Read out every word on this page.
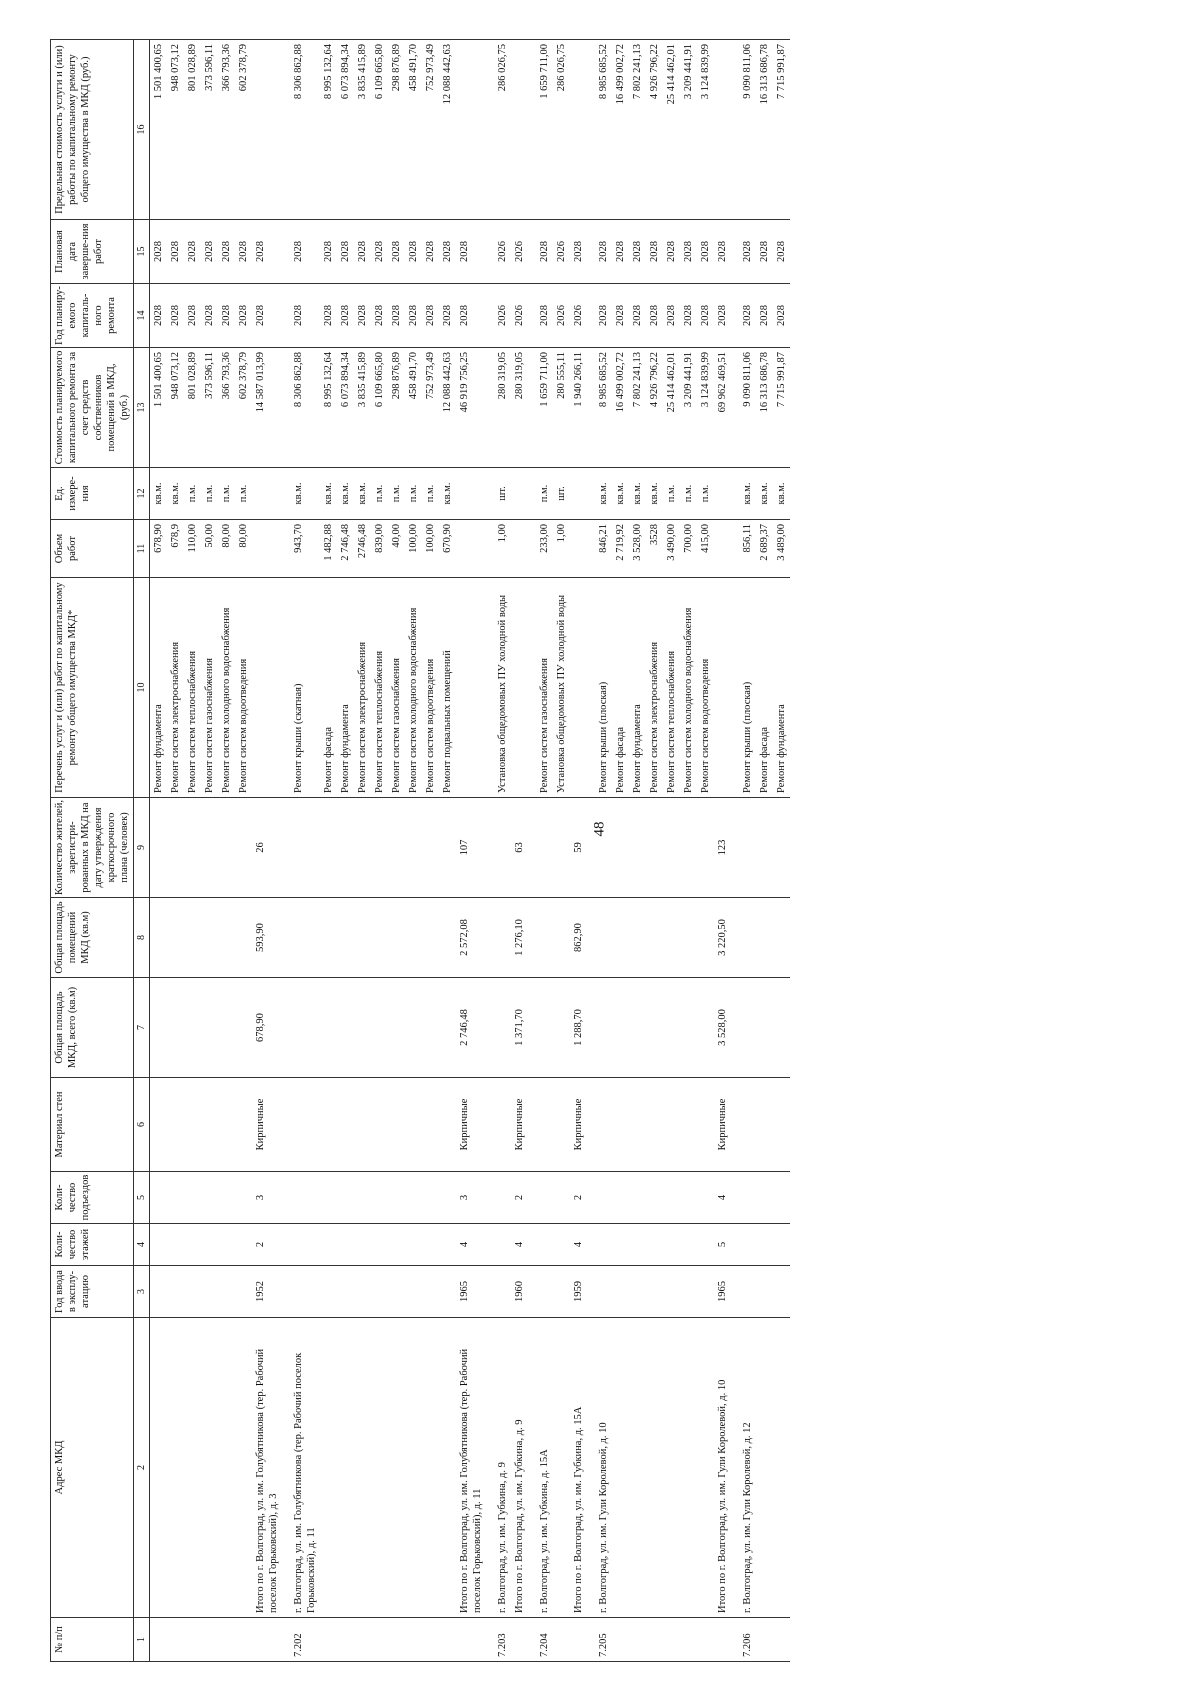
48
№ п/п	Адрес МКД	Год ввода в эксплу-атацию	Коли-чество этажей	Коли-чество подъездов	Материал стен	Общая площадь МКД, всего (кв.м)	Общая площадь помещений МКД (кв.м)	Количество жителей, зарегистри-рованных в МКД на дату утверждения краткосрочного плана (человек)	Перечень услуг и (или) работ по капитальному ремонту общего имущества МКД*	Объем работ	Ед. измере-ния	Стоимость планируемого капитального ремонта за счет средств собственников помещений в МКД, (руб.)	Год планиру-емого капиталь-ного ремонта	Плановая дата заверше-ния работ	Предельная стоимость услуги и (или) работы по капитальному ремонту общего имущества в МКД (руб.)
1	2	3	4	5	6	7	8	9	10	11	12	13	14	15	16
									Ремонт фундамента	678,90	кв.м.	1 501 400,65	2028	2028	1 501 400,65
									Ремонт систем электроснабжения	678,9	кв.м.	948 073,12	2028	2028	948 073,12
									Ремонт систем теплоснабжения	110,00	п.м.	801 028,89	2028	2028	801 028,89
									Ремонт систем газоснабжения	50,00	п.м.	373 596,11	2028	2028	373 596,11
									Ремонт систем холодного водоснабжения	80,00	п.м.	366 793,36	2028	2028	366 793,36
									Ремонт систем водоотведения	80,00	п.м.	602 378,79	2028	2028	602 378,79
	Итого по г. Волгоград, ул. им. Голубятникова (тер. Рабочий поселок Горьковский), д. 3	1952	2	3	Кирпичные	678,90	593,90	26				14 587 013,99	2028	2028	
7.202	г. Волгоград, ул. им. Голубятникова (тер. Рабочий поселок Горьковский), д. 11								Ремонт крыши (скатная)	943,70	кв.м.	8 306 862,88	2028	2028	8 306 862,88
									Ремонт фасада	1 482,88	кв.м.	8 995 132,64	2028	2028	8 995 132,64
									Ремонт фундамента	2 746,48	кв.м.	6 073 894,34	2028	2028	6 073 894,34
									Ремонт систем электроснабжения	2746,48	кв.м.	3 835 415,89	2028	2028	3 835 415,89
									Ремонт систем теплоснабжения	839,00	п.м.	6 109 665,80	2028	2028	6 109 665,80
									Ремонт систем газоснабжения	40,00	п.м.	298 876,89	2028	2028	298 876,89
									Ремонт систем холодного водоснабжения	100,00	п.м.	458 491,70	2028	2028	458 491,70
									Ремонт систем водоотведения	100,00	п.м.	752 973,49	2028	2028	752 973,49
									Ремонт подвальных помещений	670,90	кв.м.	12 088 442,63	2028	2028	12 088 442,63
	Итого по г. Волгоград, ул. им. Голубятникова (тер. Рабочий поселок Горьковский), д. 11	1965	4	3	Кирпичные	2 746,48	2 572,08	107				46 919 756,25	2028	2028	
7.203	г. Волгоград, ул. им. Губкина, д. 9								Установка общедомовых ПУ холодной воды	1,00	шт.	280 319,05	2026	2026	286 026,75
	Итого по г. Волгоград, ул. им. Губкина, д. 9	1960	4	2	Кирпичные	1 371,70	1 276,10	63				280 319,05	2026	2026	
7.204	г. Волгоград, ул. им. Губкина, д. 15А								Ремонт систем газоснабжения	233,00	п.м.	1 659 711,00	2028	2028	1 659 711,00
									Установка общедомовых ПУ холодной воды	1,00	шт.	280 555,11	2026	2026	286 026,75
	Итого по г. Волгоград, ул. им. Губкина, д. 15А	1959	4	2	Кирпичные	1 288,70	862,90	59				1 940 266,11	2026	2028	
7.205	г. Волгоград, ул. им. Гули Королевой, д. 10								Ремонт крыши (плоская)	846,21	кв.м.	8 985 685,52	2028	2028	8 985 685,52
									Ремонт фасада	2 719,92	кв.м.	16 499 002,72	2028	2028	16 499 002,72
									Ремонт фундамента	3 528,00	кв.м.	7 802 241,13	2028	2028	7 802 241,13
									Ремонт систем электроснабжения	3528	кв.м.	4 926 796,22	2028	2028	4 926 796,22
									Ремонт систем теплоснабжения	3 490,00	п.м.	25 414 462,01	2028	2028	25 414 462,01
									Ремонт систем холодного водоснабжения	700,00	п.м.	3 209 441,91	2028	2028	3 209 441,91
									Ремонт систем водоотведения	415,00	п.м.	3 124 839,99	2028	2028	3 124 839,99
	Итого по г. Волгоград, ул. им. Гули Королевой, д. 10	1965	5	4	Кирпичные	3 528,00	3 220,50	123				69 962 469,51	2028	2028	
7.206	г. Волгоград, ул. им. Гули Королевой, д. 12								Ремонт крыши (плоская)	856,11	кв.м.	9 090 811,06	2028	2028	9 090 811,06
									Ремонт фасада	2 689,37	кв.м.	16 313 686,78	2028	2028	16 313 686,78
									Ремонт фундамента	3 489,00	кв.м.	7 715 991,87	2028	2028	7 715 991,87
